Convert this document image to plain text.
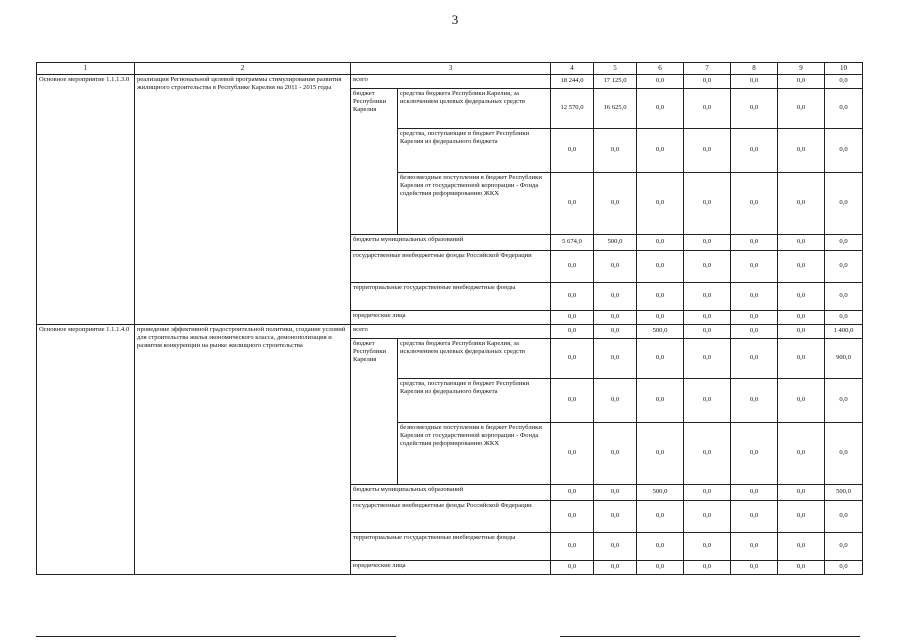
3
1	2	3		4	5	6	7	8	9	10
Основное мероприятие 1.1.1.3.0	реализация Региональной целевой программы стимулирования развития жилищного строительства в Республике Карелия на 2011 - 2015 годы	всего		18 244,0	17 125,0	0,0	0,0	0,0	0,0	0,0
		бюджет Республики Карелия	средства бюджета Республики Карелия, за исключением целевых федеральных средств	12 570,0	16 625,0	0,0	0,0	0,0	0,0	0,0
			средства, поступающие в бюджет Республики Карелия из федерального бюджета	0,0	0,0	0,0	0,0	0,0	0,0	0,0
			безвозмездные поступления в бюджет Республики Карелия от государственной корпорации - Фонда содействия реформированию ЖКХ	0,0	0,0	0,0	0,0	0,0	0,0	0,0
		бюджеты муниципальных образований		5 674,0	500,0	0,0	0,0	0,0	0,0	0,0
		государственные внебюджетные фонды Российской Федерации		0,0	0,0	0,0	0,0	0,0	0,0	0,0
		территориальные государственные внебюджетные фонды		0,0	0,0	0,0	0,0	0,0	0,0	0,0
		юридические лица		0,0	0,0	0,0	0,0	0,0	0,0	0,0
Основное мероприятие 1.1.1.4.0	проведение эффективной градостроительной политики, создание условий для строительства жилья экономического класса, демонополизация и развития конкуренции на рынке жилищного строительства	всего		0,0	0,0	500,0	0,0	0,0	0,0	1 400,0
		бюджет Республики Карелия	средства бюджета Республики Карелия, за исключением целевых федеральных средств	0,0	0,0	0,0	0,0	0,0	0,0	900,0
			средства, поступающие в бюджет Республики Карелия из федерального бюджета	0,0	0,0	0,0	0,0	0,0	0,0	0,0
			безвозмездные поступления в бюджет Республики Карелия от государственной корпорации - Фонда содействия реформированию ЖКХ	0,0	0,0	0,0	0,0	0,0	0,0	0,0
		бюджеты муниципальных образований		0,0	0,0	500,0	0,0	0,0	0,0	500,0
		государственные внебюджетные фонды Российской Федерации		0,0	0,0	0,0	0,0	0,0	0,0	0,0
		территориальные государственные внебюджетные фонды		0,0	0,0	0,0	0,0	0,0	0,0	0,0
		юридические лица		0,0	0,0	0,0	0,0	0,0	0,0	0,0
